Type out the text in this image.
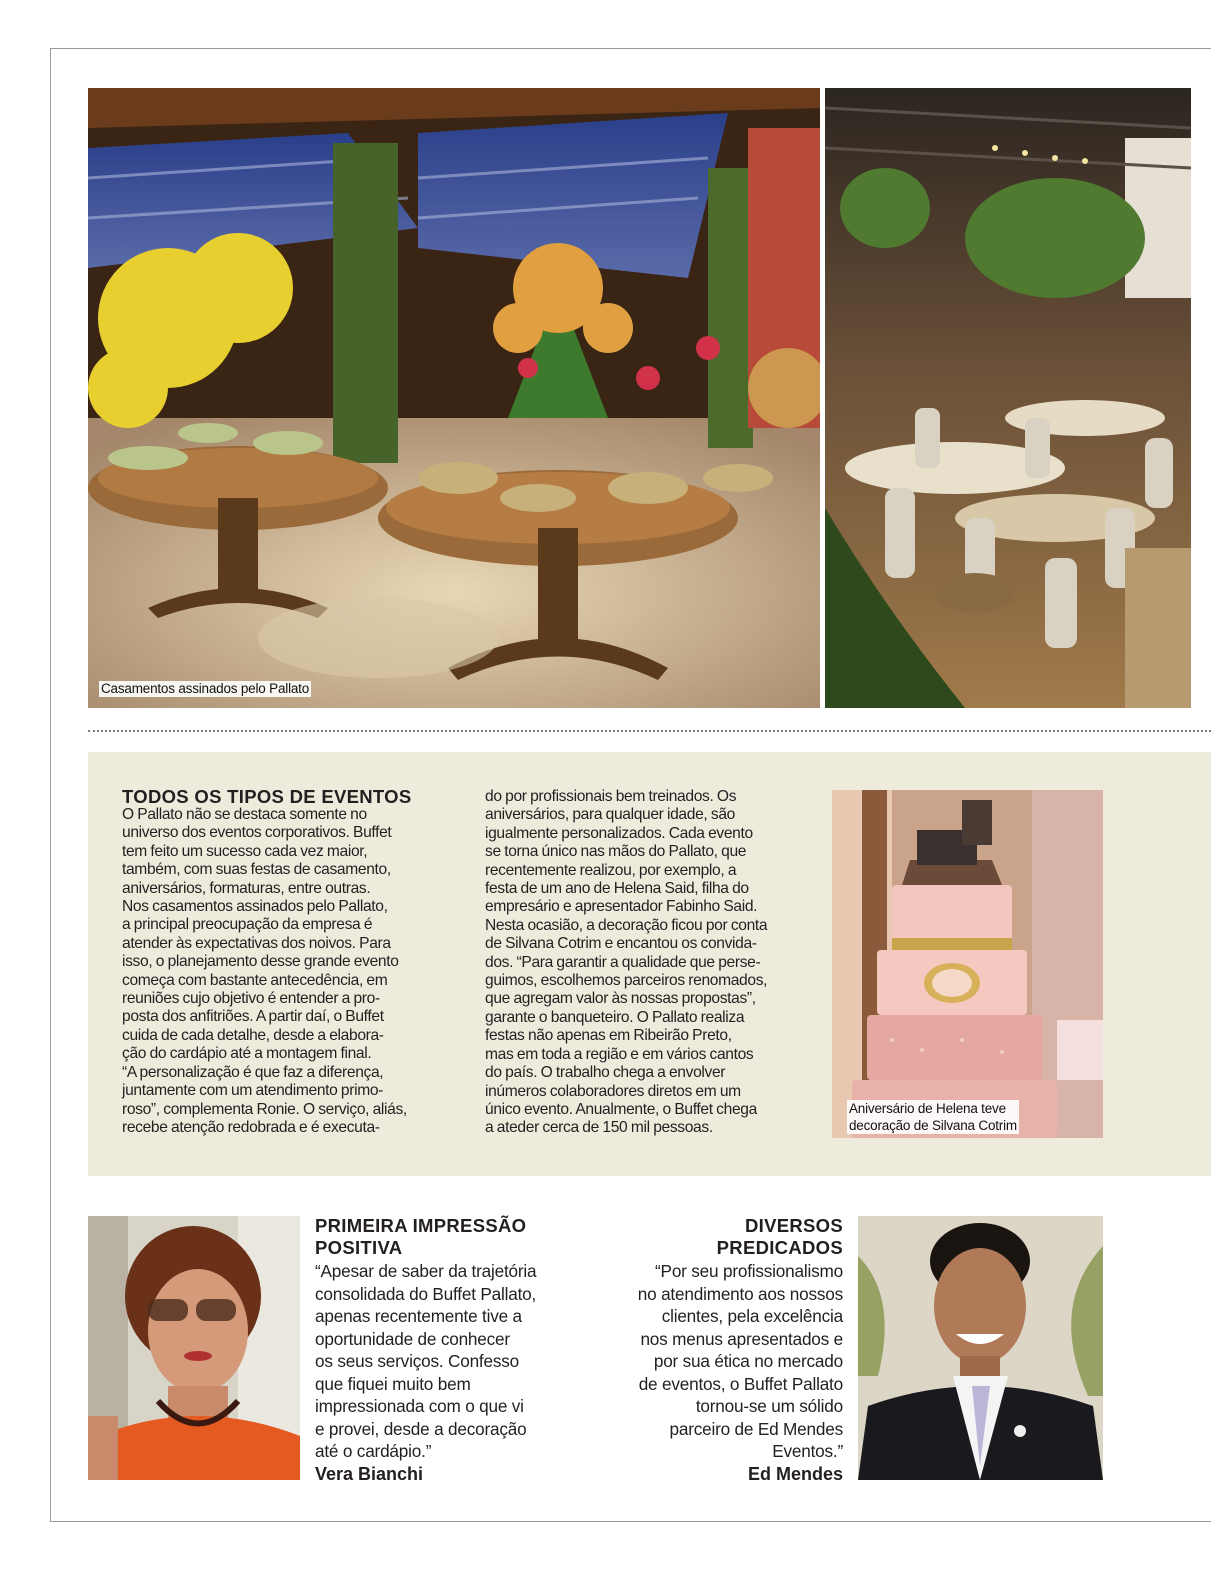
Casamentos assinados pelo Pallato
TODOS OS TIPOS DE EVENTOS
O Pallato não se destaca somente no
universo dos eventos corporativos. Buffet
tem feito um sucesso cada vez maior,
também, com suas festas de casamento,
aniversários, formaturas, entre outras.
Nos casamentos assinados pelo Pallato,
a principal preocupação da empresa é
atender às expectativas dos noivos. Para
isso, o planejamento desse grande evento
começa com bastante antecedência, em
reuniões cujo objetivo é entender a pro-
posta dos anfitriões. A partir daí, o Buffet
cuida de cada detalhe, desde a elabora-
ção do cardápio até a montagem final.
“A personalização é que faz a diferença,
juntamente com um atendimento primo-
roso”, complementa Ronie. O serviço, aliás,
recebe atenção redobrada e é executa-
do por profissionais bem treinados. Os
aniversários, para qualquer idade, são
igualmente personalizados. Cada evento
se torna único nas mãos do Pallato, que
recentemente realizou, por exemplo, a
festa de um ano de Helena Said, filha do
empresário e apresentador Fabinho Said.
Nesta ocasião, a decoração ficou por conta
de Silvana Cotrim e encantou os convida-
dos. “Para garantir a qualidade que perse-
guimos, escolhemos parceiros renomados,
que agregam valor às nossas propostas”,
garante o banqueteiro. O Pallato realiza
festas não apenas em Ribeirão Preto,
mas em toda a região e em vários cantos
do país. O trabalho chega a envolver
inúmeros colaboradores diretos em um
único evento. Anualmente, o Buffet chega
a ateder cerca de 150 mil pessoas.
Aniversário de Helena teve
decoração de Silvana Cotrim
PRIMEIRA IMPRESSÃO
POSITIVA
“Apesar de saber da trajetória
consolidada do Buffet Pallato,
apenas recentemente tive a
oportunidade de conhecer
os seus serviços. Confesso
que fiquei muito bem
impressionada com o que vi
e provei, desde a decoração
até o cardápio.”
Vera Bianchi
DIVERSOS
PREDICADOS
“Por seu profissionalismo
no atendimento aos nossos
clientes, pela excelência
nos menus apresentados e
por sua ética no mercado
de eventos, o Buffet Pallato
tornou-se um sólido
parceiro de Ed Mendes
Eventos.”
Ed Mendes
